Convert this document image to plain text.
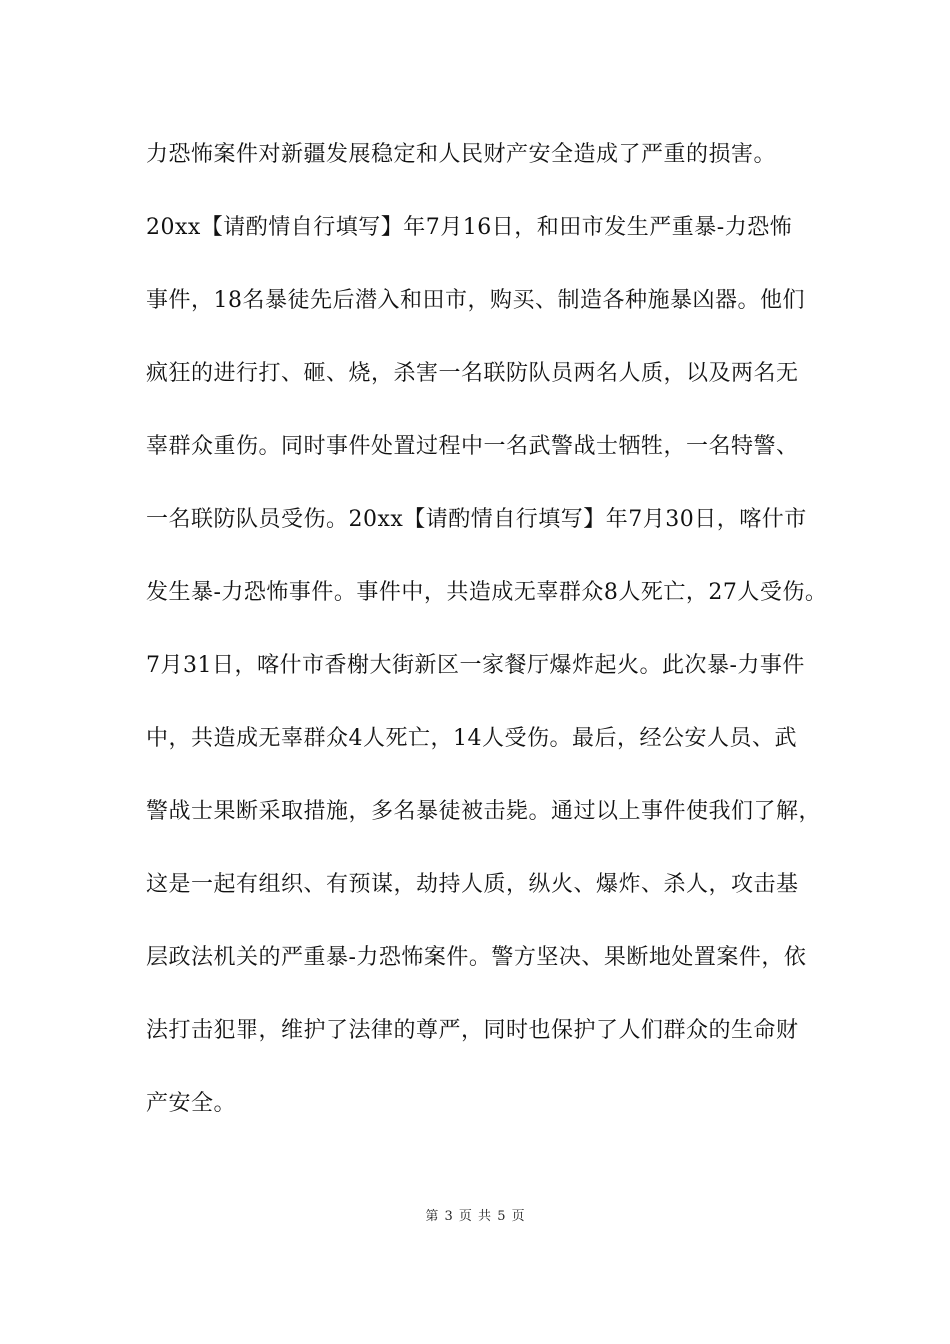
力恐怖案件对新疆发展稳定和人民财产安全造成了严重的损害。
20xx【请酌情自行填写】年7月16日，和田市发生严重暴-力恐怖
事件，18名暴徒先后潜入和田市，购买、制造各种施暴凶器。他们
疯狂的进行打、砸、烧，杀害一名联防队员两名人质，以及两名无
辜群众重伤。同时事件处置过程中一名武警战士牺牲，一名特警、
一名联防队员受伤。20xx【请酌情自行填写】年7月30日，喀什市
发生暴-力恐怖事件。事件中，共造成无辜群众8人死亡，27人受伤。
7月31日，喀什市香榭大街新区一家餐厅爆炸起火。此次暴-力事件
中，共造成无辜群众4人死亡，14人受伤。最后，经公安人员、武
警战士果断采取措施，多名暴徒被击毙。通过以上事件使我们了解，
这是一起有组织、有预谋，劫持人质，纵火、爆炸、杀人，攻击基
层政法机关的严重暴-力恐怖案件。警方坚决、果断地处置案件，依
法打击犯罪，维护了法律的尊严，同时也保护了人们群众的生命财
产安全。
第 3 页 共 5 页
